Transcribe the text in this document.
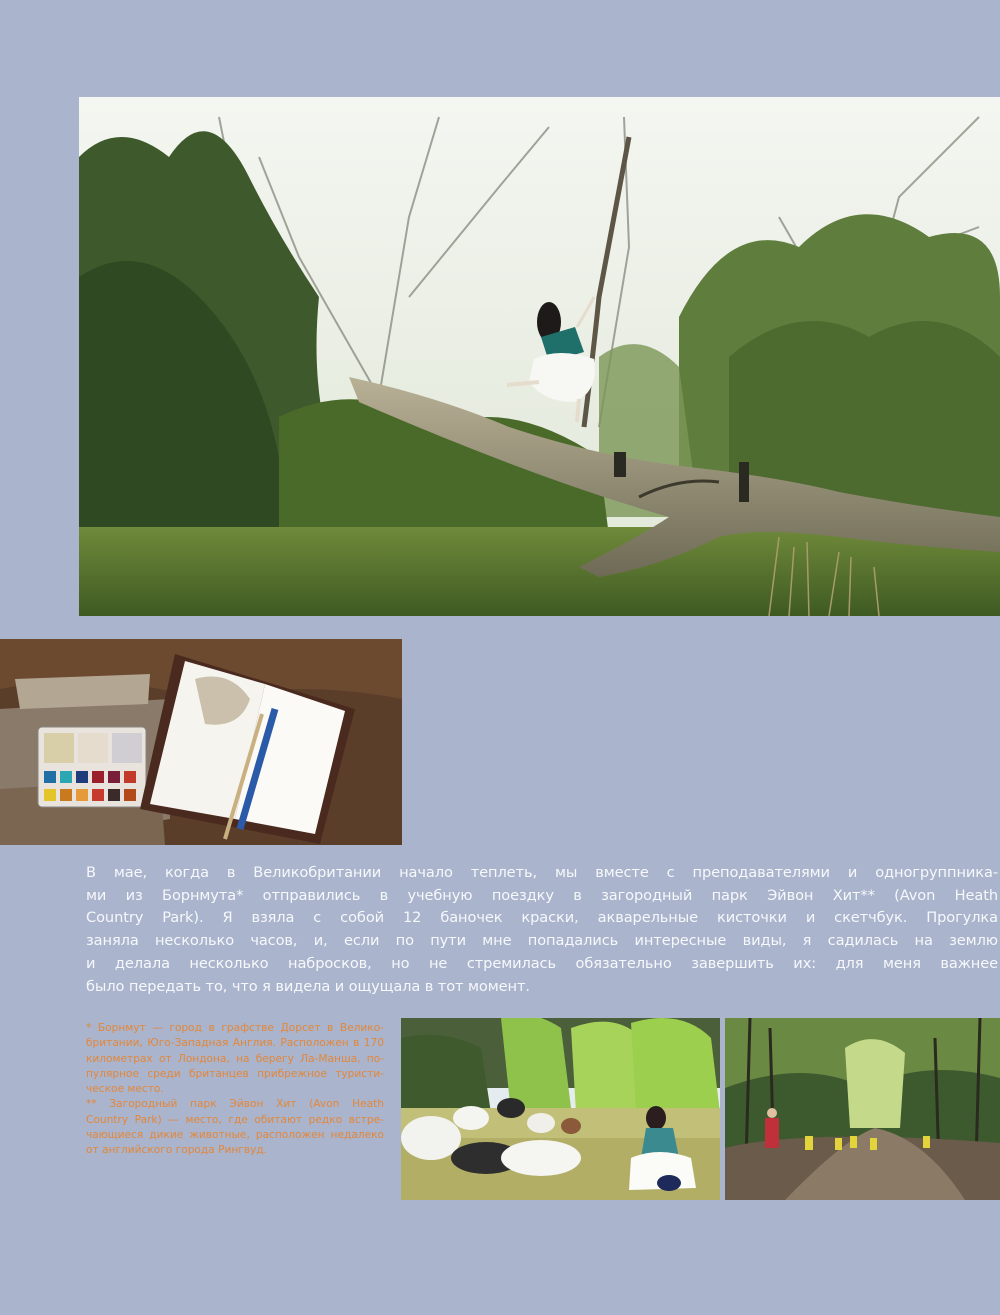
В мае, когда в Великобритании начало теплеть, мы вместе с преподавателями и одногруппника-
ми из Борнмута* отправились в учебную поездку в загородный парк Эйвон Хит** (Avon Heath
Country Park). Я взяла с собой 12 баночек краски, акварельные кисточки и скетчбук. Прогулка
заняла несколько часов, и, если по пути мне попадались интересные виды, я садилась на землю
и делала несколько набросков, но не стремилась обязательно завершить их: для меня важнее
было передать то, что я видела и ощущала в тот момент.

* Борнмут — город в графстве Дорсет в Велико-
британии, Юго-Западная Англия. Расположен в 170
километрах от Лондона, на берегу Ла-Манша, по-
пулярное среди британцев прибрежное туристи-
ческое место.
** Загородный парк Эйвон Хит (Avon Heath
Country Park) — место, где обитают редко встре-
чающиеся дикие животные, расположен недалеко
от английского города Рингвуд.
